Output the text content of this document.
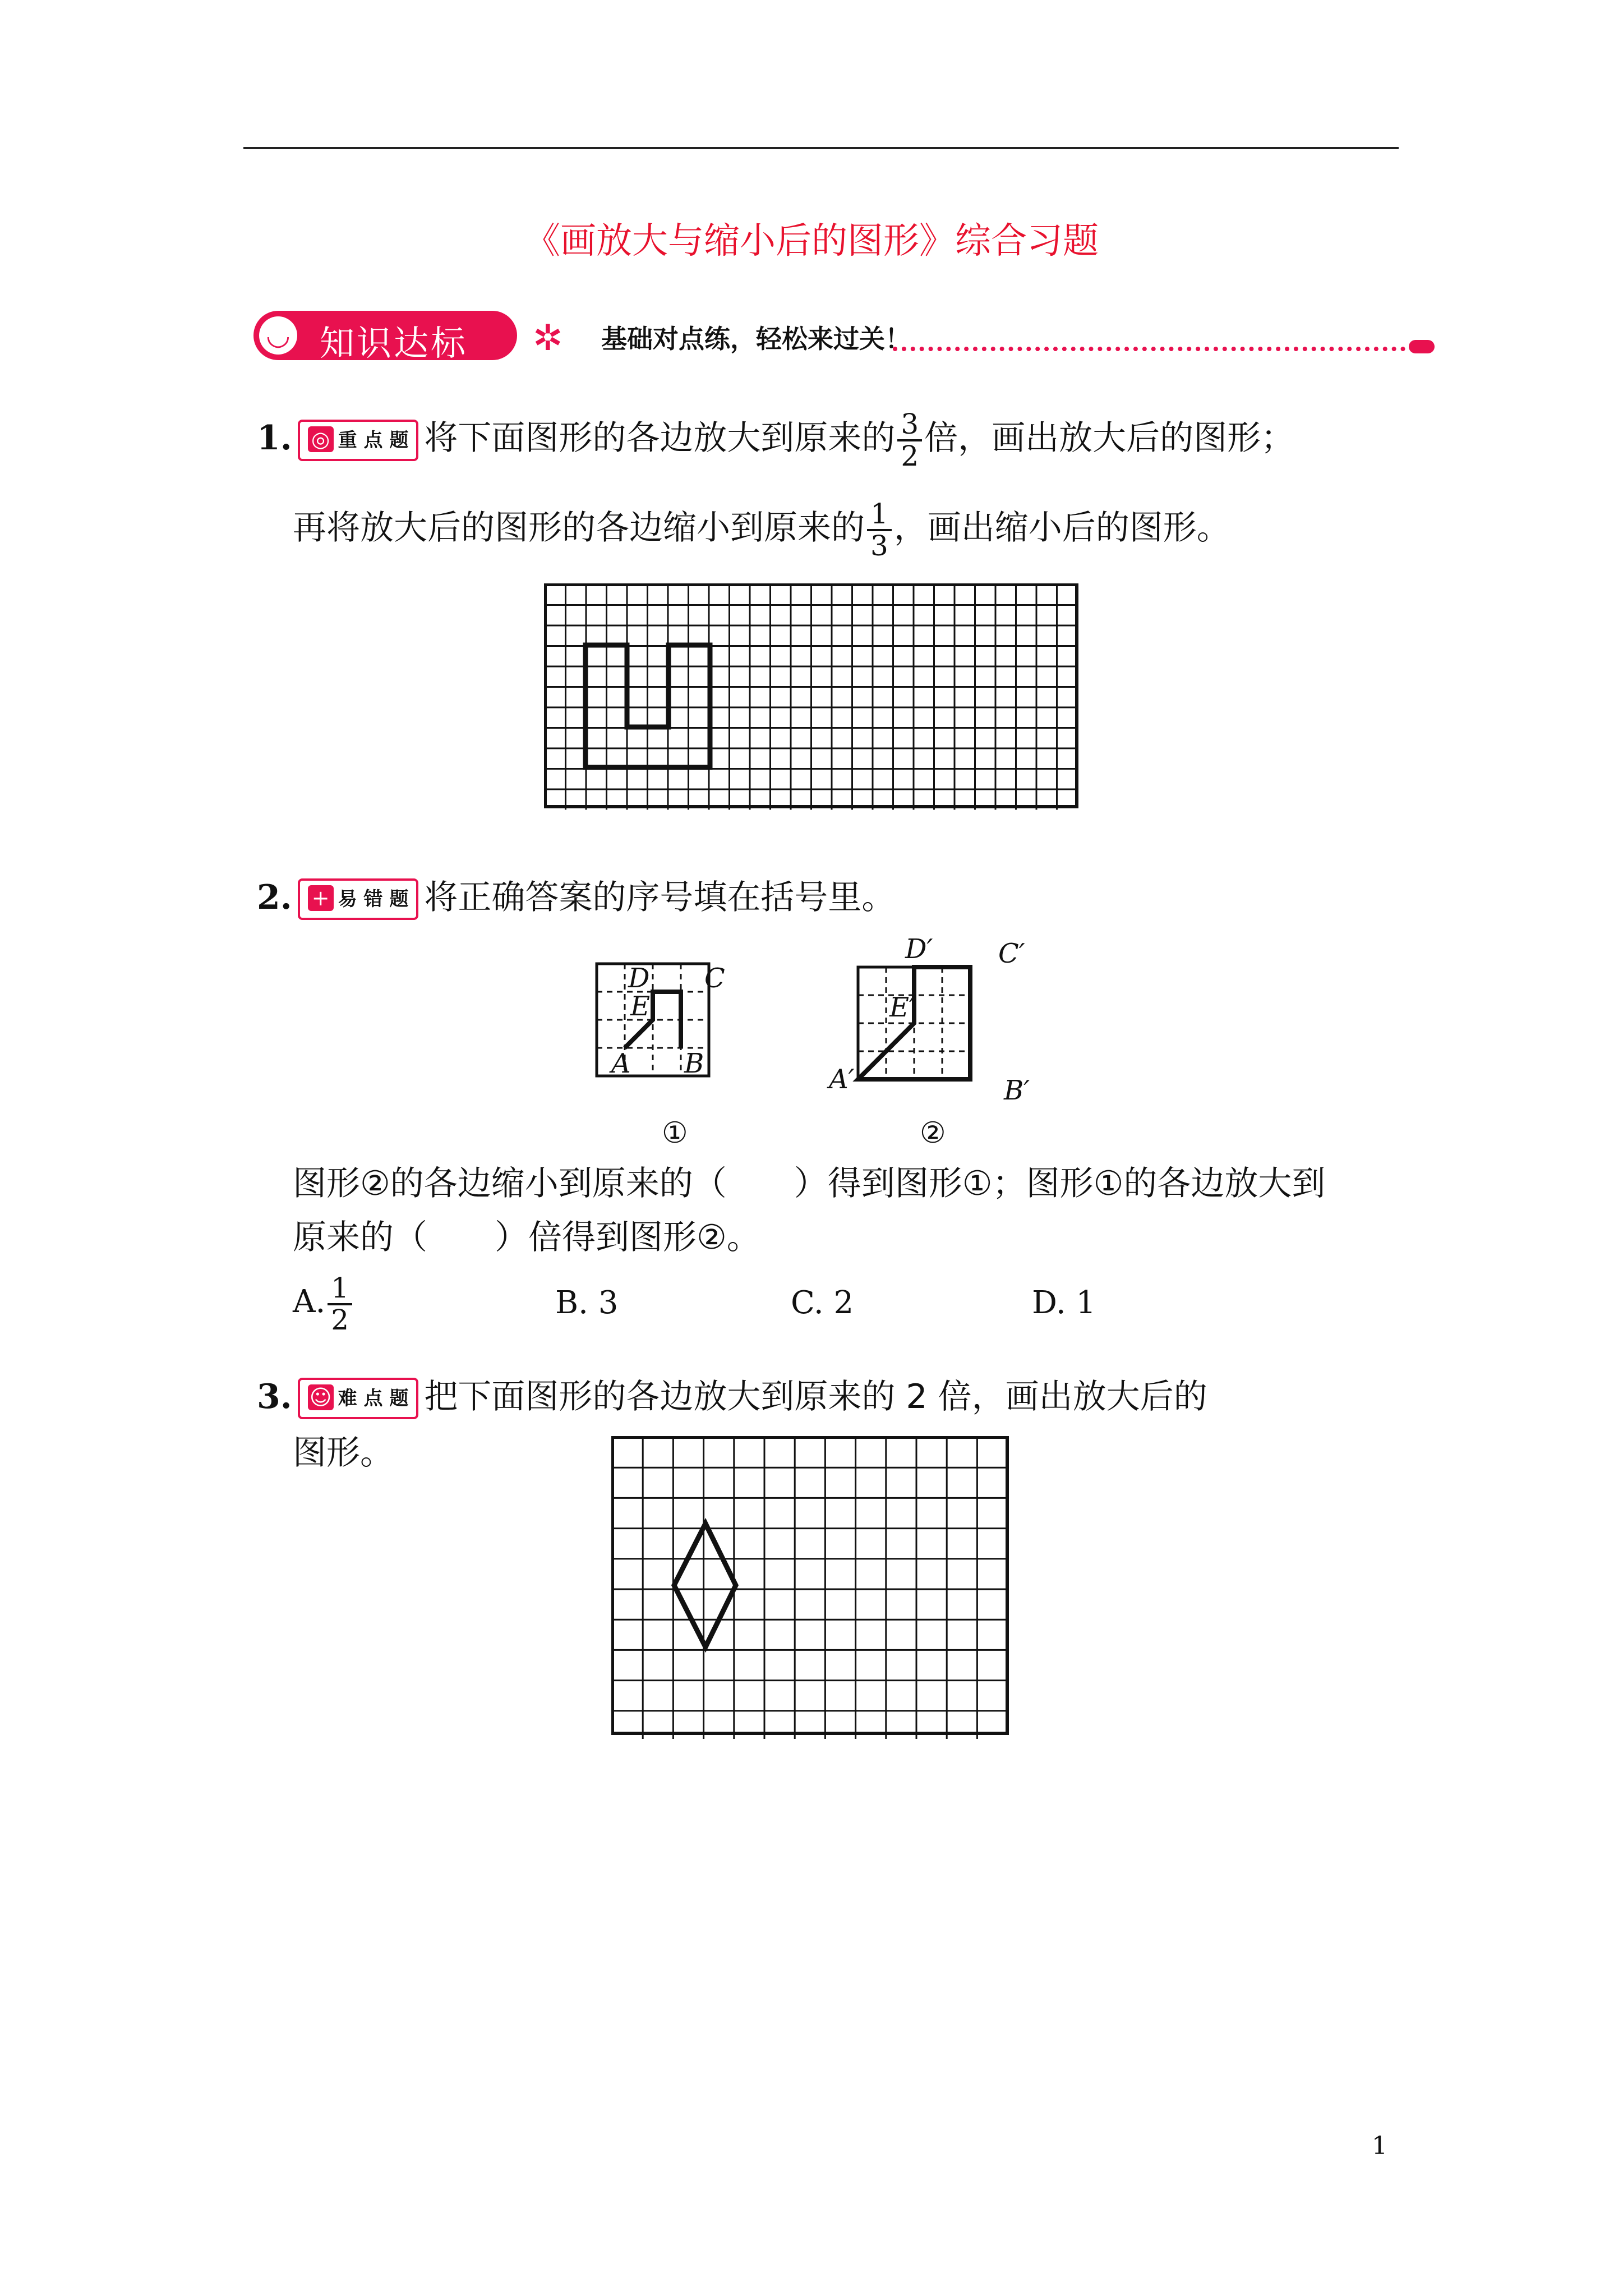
《画放大与缩小后的图形》综合习题
◡ 知识达标 ✲ 基础对点练，轻松来过关！
1. ◎ 重 点 题 将下面图形的各边放大到原来的 $\frac{3}{2}$ 倍，画出放大后的图形；
再将放大后的图形的各边缩小到原来的 $\frac{1}{3}$ ，画出缩小后的图形。
2. + 易 错 题 将正确答案的序号填在括号里。
D C
E
A B
D′ C′
E′
A′	B′
①	②
图形②的各边缩小到原来的（　　）得到图形①；图形①的各边放大到
原来的（　　）倍得到图形②。
A. $\frac{1}{2}$	B. 3	C. 2	D. 1
3. ☺ 难 点 题 把下面图形的各边放大到原来的 2 倍，画出放大后的
图形。
1
